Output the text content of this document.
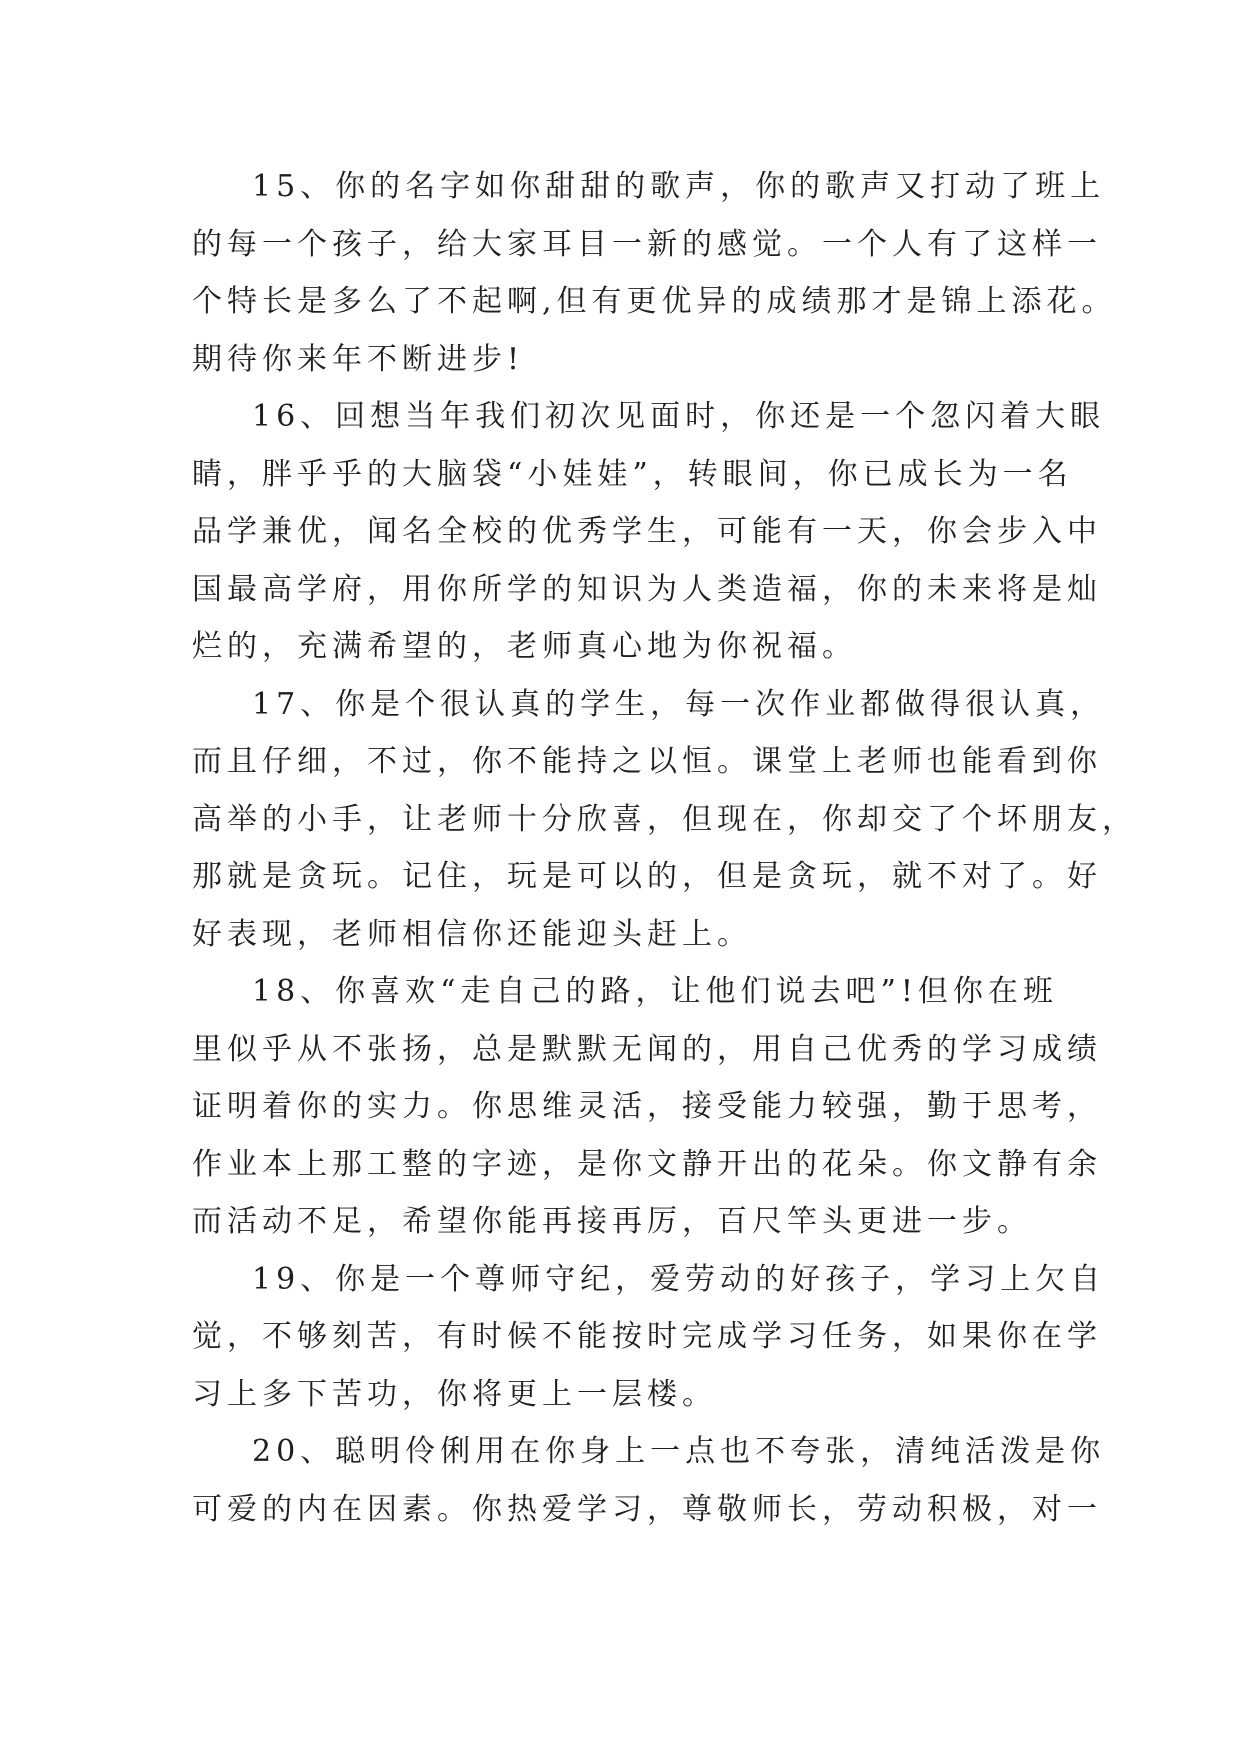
15、你的名字如你甜甜的歌声，你的歌声又打动了班上
的每一个孩子，给大家耳目一新的感觉。一个人有了这样一
个特长是多么了不起啊,但有更优异的成绩那才是锦上添花。
期待你来年不断进步!
16、回想当年我们初次见面时，你还是一个忽闪着大眼
睛，胖乎乎的大脑袋“小娃娃”，转眼间，你已成长为一名
品学兼优，闻名全校的优秀学生，可能有一天，你会步入中
国最高学府，用你所学的知识为人类造福，你的未来将是灿
烂的，充满希望的，老师真心地为你祝福。
17、你是个很认真的学生，每一次作业都做得很认真，
而且仔细，不过，你不能持之以恒。课堂上老师也能看到你
高举的小手，让老师十分欣喜，但现在，你却交了个坏朋友，
那就是贪玩。记住，玩是可以的，但是贪玩，就不对了。好
好表现，老师相信你还能迎头赶上。
18、你喜欢“走自己的路，让他们说去吧”!但你在班
里似乎从不张扬，总是默默无闻的，用自己优秀的学习成绩
证明着你的实力。你思维灵活，接受能力较强，勤于思考，
作业本上那工整的字迹，是你文静开出的花朵。你文静有余
而活动不足，希望你能再接再厉，百尺竿头更进一步。
19、你是一个尊师守纪，爱劳动的好孩子，学习上欠自
觉，不够刻苦，有时候不能按时完成学习任务，如果你在学
习上多下苦功，你将更上一层楼。
20、聪明伶俐用在你身上一点也不夸张，清纯活泼是你
可爱的内在因素。你热爱学习，尊敬师长，劳动积极，对一
